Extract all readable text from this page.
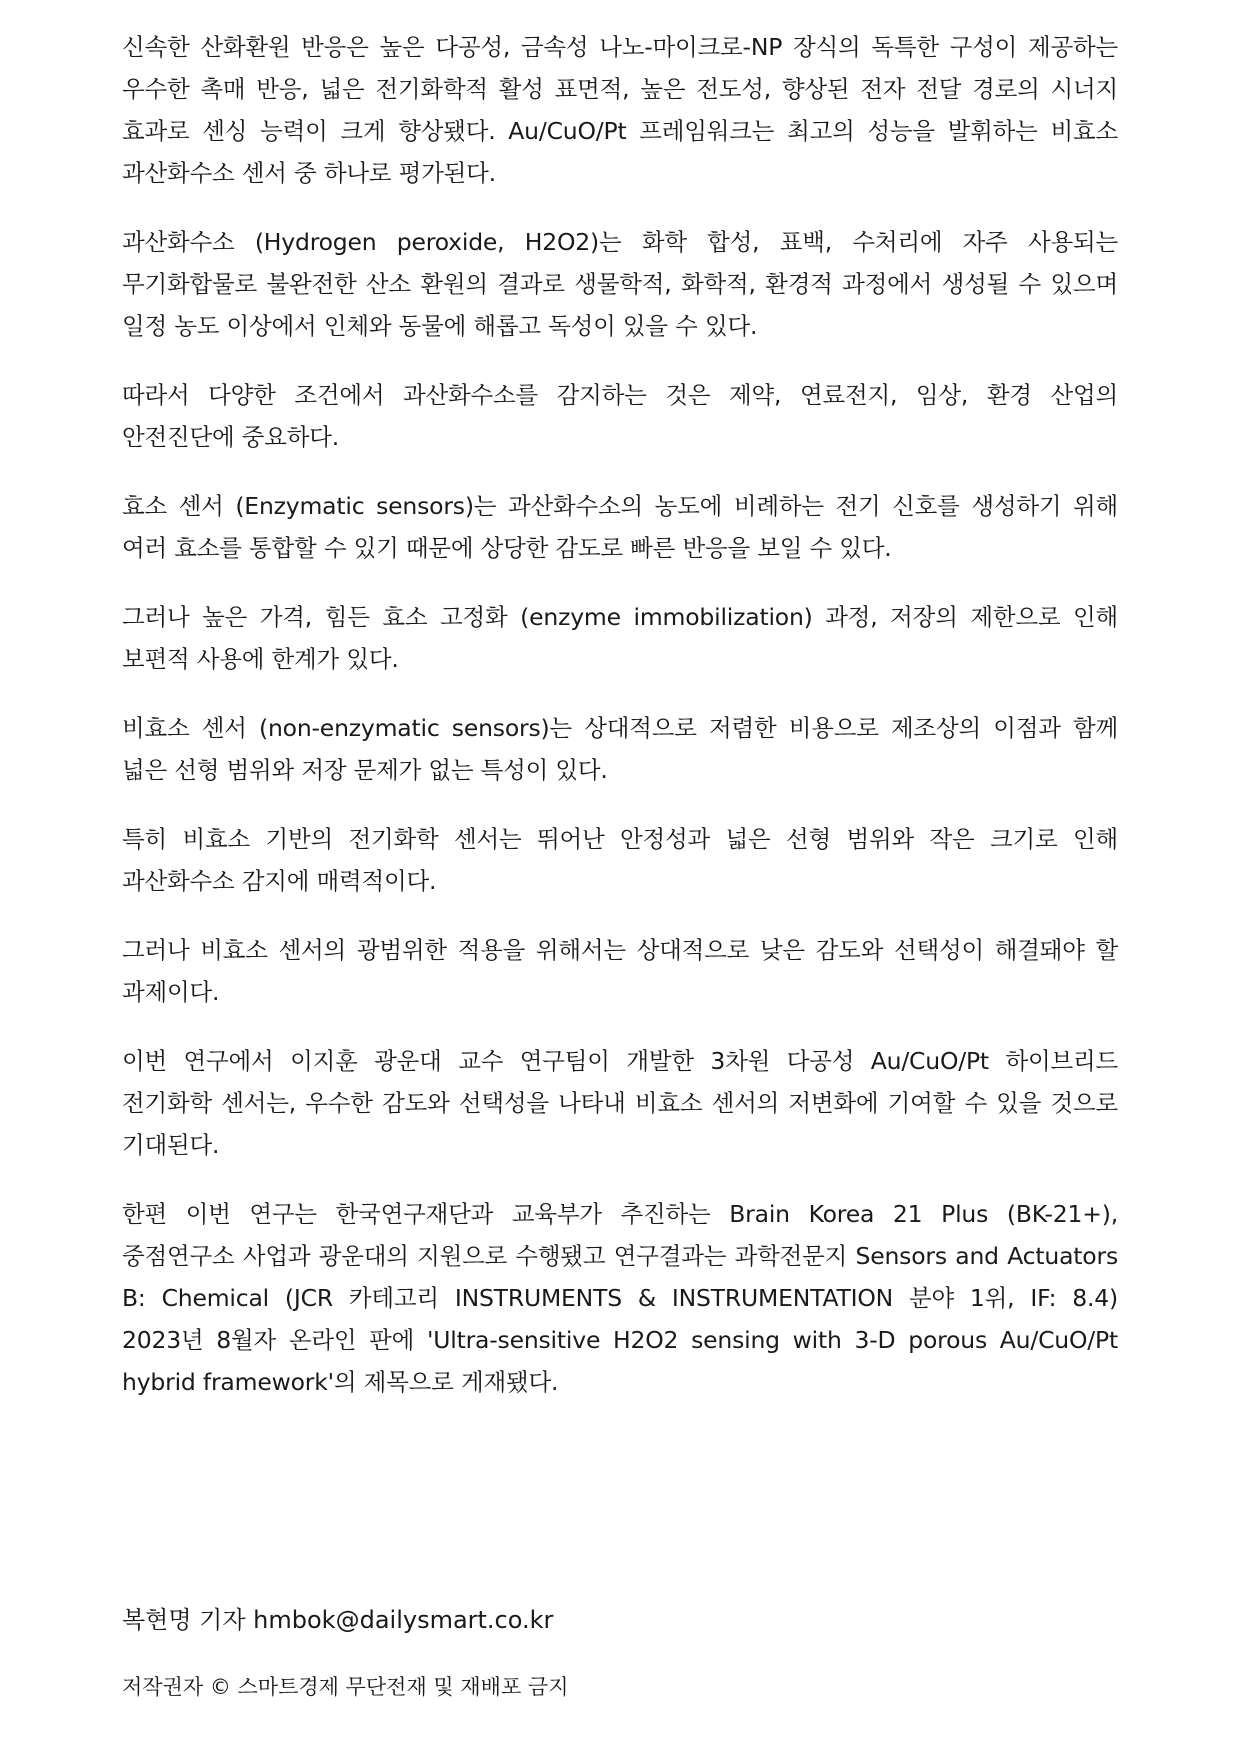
신속한 산화환원 반응은 높은 다공성, 금속성 나노-마이크로-NP 장식의 독특한 구성이 제공하는 우수한 촉매 반응, 넓은 전기화학적 활성 표면적, 높은 전도성, 향상된 전자 전달 경로의 시너지 효과로 센싱 능력이 크게 향상됐다. Au/CuO/Pt 프레임워크는 최고의 성능을 발휘하는 비효소 과산화수소 센서 중 하나로 평가된다.

과산화수소 (Hydrogen peroxide, H2O2)는 화학 합성, 표백, 수처리에 자주 사용되는 무기화합물로 불완전한 산소 환원의 결과로 생물학적, 화학적, 환경적 과정에서 생성될 수 있으며 일정 농도 이상에서 인체와 동물에 해롭고 독성이 있을 수 있다.

따라서 다양한 조건에서 과산화수소를 감지하는 것은 제약, 연료전지, 임상, 환경 산업의 안전진단에 중요하다.

효소 센서 (Enzymatic sensors)는 과산화수소의 농도에 비례하는 전기 신호를 생성하기 위해 여러 효소를 통합할 수 있기 때문에 상당한 감도로 빠른 반응을 보일 수 있다.

그러나 높은 가격, 힘든 효소 고정화 (enzyme immobilization) 과정, 저장의 제한으로 인해 보편적 사용에 한계가 있다.

비효소 센서 (non-enzymatic sensors)는 상대적으로 저렴한 비용으로 제조상의 이점과 함께 넓은 선형 범위와 저장 문제가 없는 특성이 있다.

특히 비효소 기반의 전기화학 센서는 뛰어난 안정성과 넓은 선형 범위와 작은 크기로 인해 과산화수소 감지에 매력적이다.

그러나 비효소 센서의 광범위한 적용을 위해서는 상대적으로 낮은 감도와 선택성이 해결돼야 할 과제이다.

이번 연구에서 이지훈 광운대 교수 연구팀이 개발한 3차원 다공성 Au/CuO/Pt 하이브리드 전기화학 센서는, 우수한 감도와 선택성을 나타내 비효소 센서의 저변화에 기여할 수 있을 것으로 기대된다.

한편 이번 연구는 한국연구재단과 교육부가 추진하는 Brain Korea 21 Plus (BK-21+), 중점연구소 사업과 광운대의 지원으로 수행됐고 연구결과는 과학전문지 Sensors and Actuators B: Chemical (JCR 카테고리 INSTRUMENTS & INSTRUMENTATION 분야 1위, IF: 8.4) 2023년 8월자 온라인 판에 'Ultra-sensitive H2O2 sensing with 3-D porous Au/CuO/Pt hybrid framework'의 제목으로 게재됐다.

복현명 기자 hmbok@dailysmart.co.kr

저작권자 © 스마트경제 무단전재 및 재배포 금지
